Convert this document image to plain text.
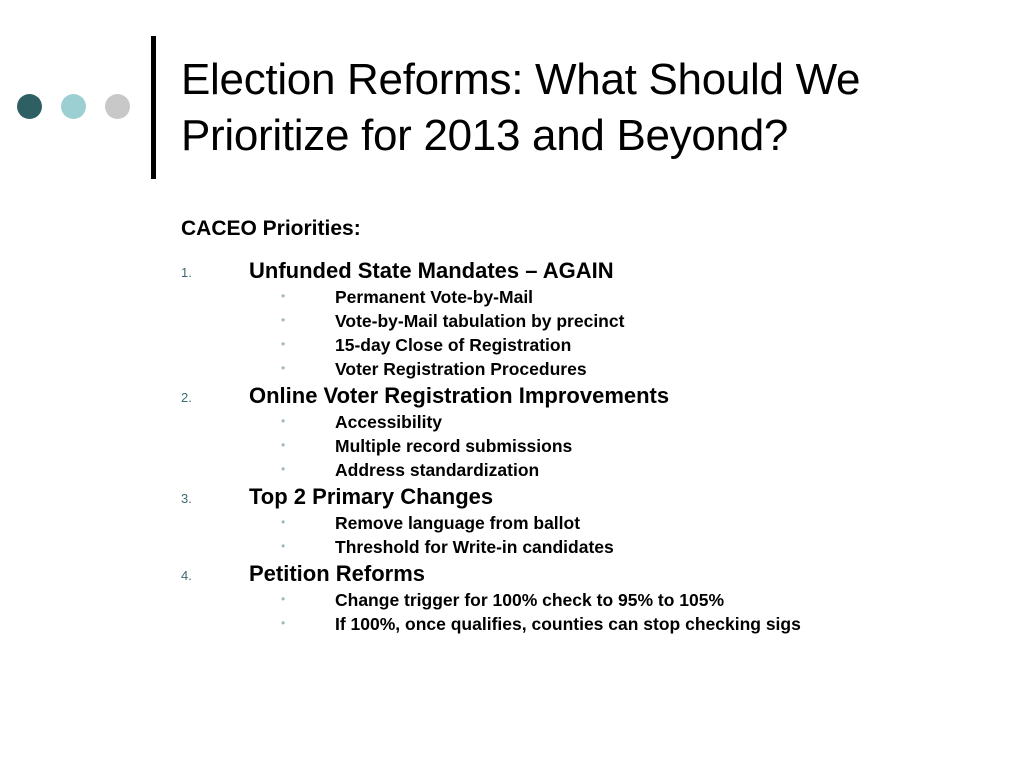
Election Reforms: What Should We
Prioritize for 2013 and Beyond?

CACEO Priorities:

1.	Unfunded State Mandates – AGAIN
•	Permanent Vote-by-Mail
•	Vote-by-Mail tabulation by precinct
•	15-day Close of Registration
•	Voter Registration Procedures
2.	Online Voter Registration Improvements
•	Accessibility
•	Multiple record submissions
•	Address standardization
3.	Top 2 Primary Changes
•	Remove language from ballot
•	Threshold for Write-in candidates
4.	Petition Reforms
•	Change trigger for 100% check to 95% to 105%
•	If 100%, once qualifies, counties can stop checking sigs
